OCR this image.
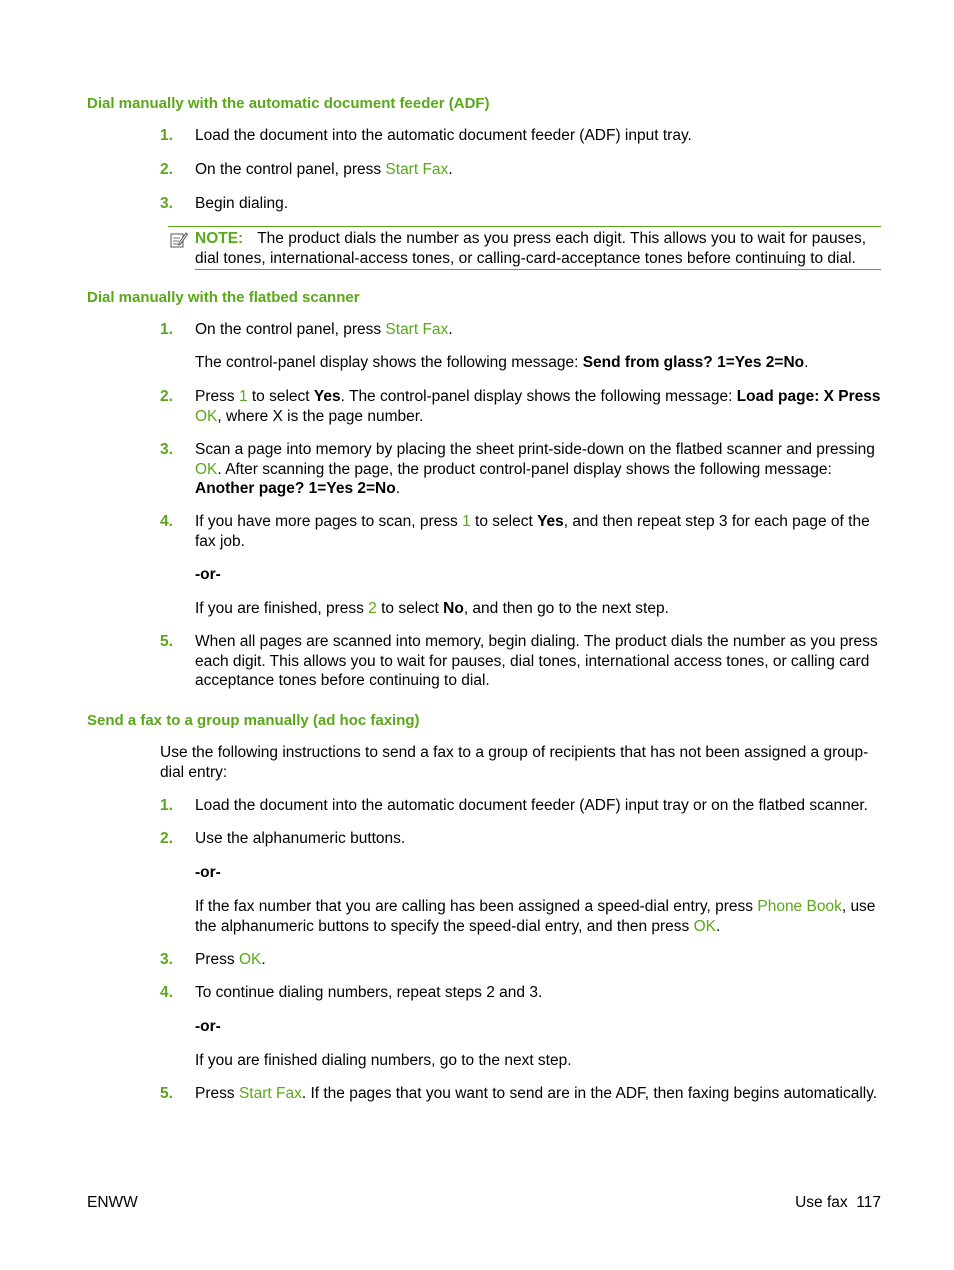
Dial manually with the automatic document feeder (ADF)
1. Load the document into the automatic document feeder (ADF) input tray.
2. On the control panel, press Start Fax.
3. Begin dialing.
NOTE: The product dials the number as you press each digit. This allows you to wait for pauses, dial tones, international-access tones, or calling-card-acceptance tones before continuing to dial.
Dial manually with the flatbed scanner
1. On the control panel, press Start Fax.
The control-panel display shows the following message: Send from glass? 1=Yes 2=No.
2. Press 1 to select Yes. The control-panel display shows the following message: Load page: X Press OK, where X is the page number.
3. Scan a page into memory by placing the sheet print-side-down on the flatbed scanner and pressing OK. After scanning the page, the product control-panel display shows the following message: Another page? 1=Yes 2=No.
4. If you have more pages to scan, press 1 to select Yes, and then repeat step 3 for each page of the fax job.
-or-
If you are finished, press 2 to select No, and then go to the next step.
5. When all pages are scanned into memory, begin dialing. The product dials the number as you press each digit. This allows you to wait for pauses, dial tones, international access tones, or calling card acceptance tones before continuing to dial.
Send a fax to a group manually (ad hoc faxing)
Use the following instructions to send a fax to a group of recipients that has not been assigned a group-dial entry:
1. Load the document into the automatic document feeder (ADF) input tray or on the flatbed scanner.
2. Use the alphanumeric buttons.
-or-
If the fax number that you are calling has been assigned a speed-dial entry, press Phone Book, use the alphanumeric buttons to specify the speed-dial entry, and then press OK.
3. Press OK.
4. To continue dialing numbers, repeat steps 2 and 3.
-or-
If you are finished dialing numbers, go to the next step.
5. Press Start Fax. If the pages that you want to send are in the ADF, then faxing begins automatically.
ENWW	Use fax 117
